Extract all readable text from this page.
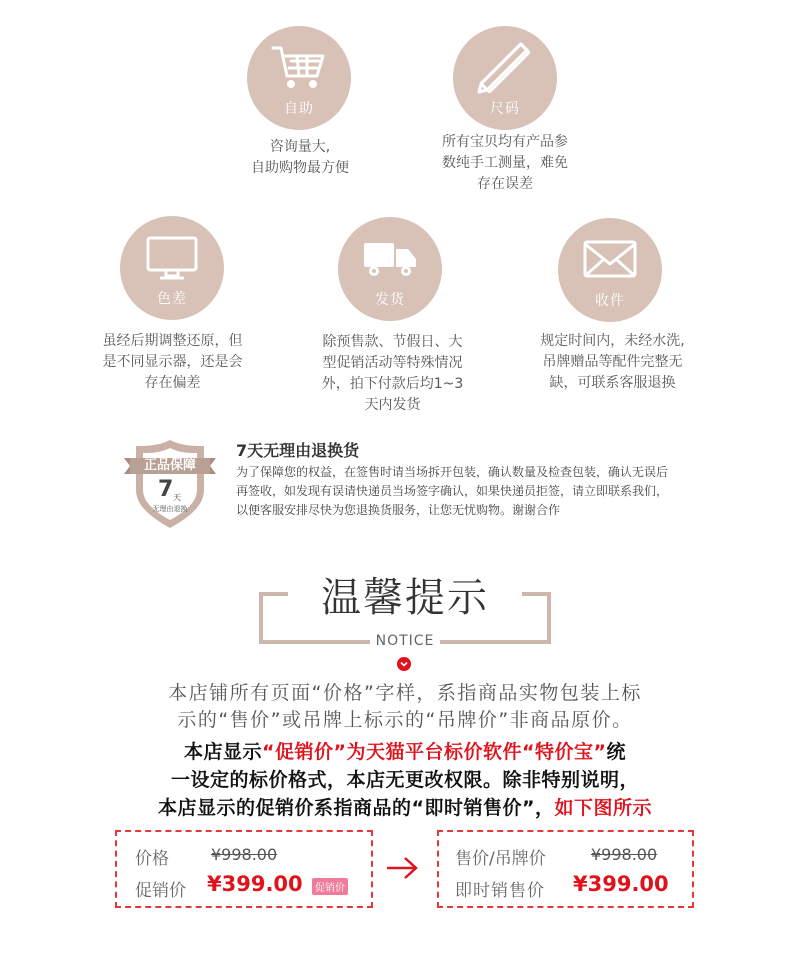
自助
咨询量大,
自助购物最方便
尺码
所有宝贝均有产品参
数纯手工测量，难免
存在误差
色差
虽经后期调整还原，但
是不同显示器，还是会
存在偏差
发货
除预售款、节假日、大
型促销活动等特殊情况
外，拍下付款后均1~3
天内发货
收件
规定时间内，未经水洗,
吊牌赠品等配件完整无
缺，可联系客服退换
正品保障
7 天
无理由退换
7天无理由退换货
为了保障您的权益，在签售时请当场拆开包装，确认数量及检查包装，确认无误后
再签收，如发现有误请快递员当场签字确认，如果快递员拒签，请立即联系我们，
以便客服安排尽快为您退换货服务，让您无忧购物。谢谢合作
温馨提示
NOTICE
本店铺所有页面“价格”字样，系指商品实物包装上标
示的“售价”或吊牌上标示的“吊牌价”非商品原价。
本店显示“促销价”为天猫平台标价软件“特价宝”统
一设定的标价格式，本店无更改权限。除非特别说明，
本店显示的促销价系指商品的“即时销售价”，如下图所示
价格	¥998.00
促销价 ¥399.00	促销价
售价/吊牌价	¥998.00
即时销售价 ¥399.00
